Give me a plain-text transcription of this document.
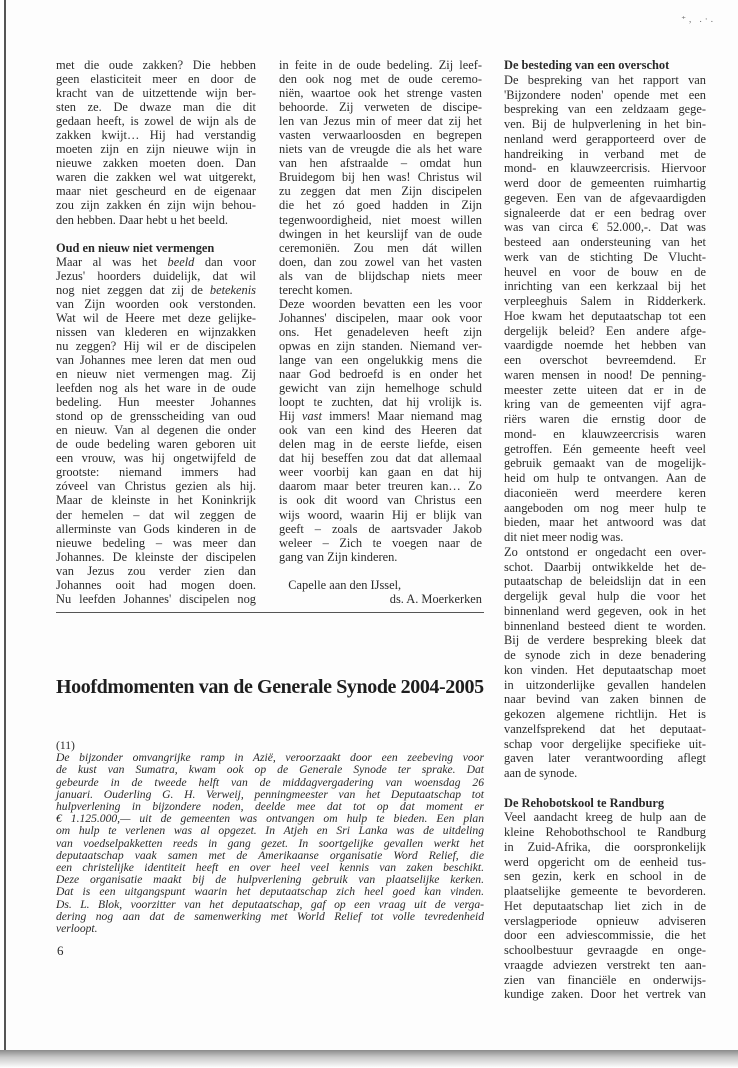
⁺, .·.
met die oude zakken? Die hebben
geen elasticiteit meer en door de
kracht van de uitzettende wijn ber-
sten ze. De dwaze man die dit
gedaan heeft, is zowel de wijn als de
zakken kwijt… Hij had verstandig
moeten zijn en zijn nieuwe wijn in
nieuwe zakken moeten doen. Dan
waren die zakken wel wat uitgerekt,
maar niet gescheurd en de eigenaar
zou zijn zakken én zijn wijn behou-
den hebben. Daar hebt u het beeld.

Oud en nieuw niet vermengen
Maar al was het beeld dan voor
Jezus' hoorders duidelijk, dat wil
nog niet zeggen dat zij de betekenis
van Zijn woorden ook verstonden.
Wat wil de Heere met deze gelijke-
nissen van klederen en wijnzakken
nu zeggen? Hij wil er de discipelen
van Johannes mee leren dat men oud
en nieuw niet vermengen mag. Zij
leefden nog als het ware in de oude
bedeling. Hun meester Johannes
stond op de grensscheiding van oud
en nieuw. Van al degenen die onder
de oude bedeling waren geboren uit
een vrouw, was hij ongetwijfeld de
grootste: niemand immers had
zóveel van Christus gezien als hij.
Maar de kleinste in het Koninkrijk
der hemelen – dat wil zeggen de
allerminste van Gods kinderen in de
nieuwe bedeling – was meer dan
Johannes. De kleinste der discipelen
van Jezus zou verder zien dan
Johannes ooit had mogen doen.
Nu leefden Johannes' discipelen nog
in feite in de oude bedeling. Zij leef-
den ook nog met de oude ceremo-
niën, waartoe ook het strenge vasten
behoorde. Zij verweten de discipe-
len van Jezus min of meer dat zij het
vasten verwaarloosden en begrepen
niets van de vreugde die als het ware
van hen afstraalde – omdat hun
Bruidegom bij hen was! Christus wil
zu zeggen dat men Zijn discipelen
die het zó goed hadden in Zijn
tegenwoordigheid, niet moest willen
dwingen in het keurslijf van de oude
ceremoniën. Zou men dát willen
doen, dan zou zowel van het vasten
als van de blijdschap niets meer
terecht komen.
Deze woorden bevatten een les voor
Johannes' discipelen, maar ook voor
ons. Het genadeleven heeft zijn
opwas en zijn standen. Niemand ver-
lange van een ongelukkig mens die
naar God bedroefd is en onder het
gewicht van zijn hemelhoge schuld
loopt te zuchten, dat hij vrolijk is.
Hij vast immers! Maar niemand mag
ook van een kind des Heeren dat
delen mag in de eerste liefde, eisen
dat hij beseffen zou dat dat allemaal
weer voorbij kan gaan en dat hij
daarom maar beter treuren kan… Zo
is ook dit woord van Christus een
wijs woord, waarin Hij er blijk van
geeft – zoals de aartsvader Jakob
weleer – Zich te voegen naar de
gang van Zijn kinderen.

Capelle aan den IJssel,
ds. A. Moerkerken
De besteding van een overschot
De bespreking van het rapport van
'Bijzondere noden' opende met een
bespreking van een zeldzaam gege-
ven. Bij de hulpverlening in het bin-
nenland werd gerapporteerd over de
handreiking in verband met de
mond- en klauwzeercrisis. Hiervoor
werd door de gemeenten ruimhartig
gegeven. Een van de afgevaardigden
signaleerde dat er een bedrag over
was van circa € 52.000,-. Dat was
besteed aan ondersteuning van het
werk van de stichting De Vlucht-
heuvel en voor de bouw en de
inrichting van een kerkzaal bij het
verpleeghuis Salem in Ridderkerk.
Hoe kwam het deputaatschap tot een
dergelijk beleid? Een andere afge-
vaardigde noemde het hebben van
een overschot bevreemdend. Er
waren mensen in nood! De penning-
meester zette uiteen dat er in de
kring van de gemeenten vijf agra-
riërs waren die ernstig door de
mond- en klauwzeercrisis waren
getroffen. Eén gemeente heeft veel
gebruik gemaakt van de mogelijk-
heid om hulp te ontvangen. Aan de
diaconieën werd meerdere keren
aangeboden om nog meer hulp te
bieden, maar het antwoord was dat
dit niet meer nodig was.
Zo ontstond er ongedacht een over-
schot. Daarbij ontwikkelde het de-
putaatschap de beleidslijn dat in een
dergelijk geval hulp die voor het
binnenland werd gegeven, ook in het
binnenland besteed dient te worden.
Bij de verdere bespreking bleek dat
de synode zich in deze benadering
kon vinden. Het deputaatschap moet
in uitzonderlijke gevallen handelen
naar bevind van zaken binnen de
gekozen algemene richtlijn. Het is
vanzelfsprekend dat het deputaat-
schap voor dergelijke specifieke uit-
gaven later verantwoording aflegt
aan de synode.

De Rehobotskool te Randburg
Veel aandacht kreeg de hulp aan de
kleine Rehobothschool te Randburg
in Zuid-Afrika, die oorspronkelijk
werd opgericht om de eenheid tus-
sen gezin, kerk en school in de
plaatselijke gemeente te bevorderen.
Het deputaatschap liet zich in de
verslagperiode opnieuw adviseren
door een adviescommissie, die het
schoolbestuur gevraagde en onge-
vraagde adviezen verstrekt ten aan-
zien van financiële en onderwijs-
kundige zaken. Door het vertrek van
Hoofdmomenten van de Generale Synode 2004-2005
(11)
De bijzonder omvangrijke ramp in Azië, veroorzaakt door een zeebeving voor
de kust van Sumatra, kwam ook op de Generale Synode ter sprake. Dat
gebeurde in de tweede helft van de middagvergadering van woensdag 26
januari. Ouderling G. H. Verweij, penningmeester van het Deputaatschap tot
hulpverlening in bijzondere noden, deelde mee dat tot op dat moment er
€ 1.125.000,— uit de gemeenten was ontvangen om hulp te bieden. Een plan
om hulp te verlenen was al opgezet. In Atjeh en Sri Lanka was de uitdeling
van voedselpakketten reeds in gang gezet. In soortgelijke gevallen werkt het
deputaatschap vaak samen met de Amerikaanse organisatie Word Relief, die
een christelijke identiteit heeft en over heel veel kennis van zaken beschikt.
Deze organisatie maakt bij de hulpverlening gebruik van plaatselijke kerken.
Dat is een uitgangspunt waarin het deputaatschap zich heel goed kan vinden.
Ds. L. Blok, voorzitter van het deputaatschap, gaf op een vraag uit de verga-
dering nog aan dat de samenwerking met World Relief tot volle tevredenheid
verloopt.
6
